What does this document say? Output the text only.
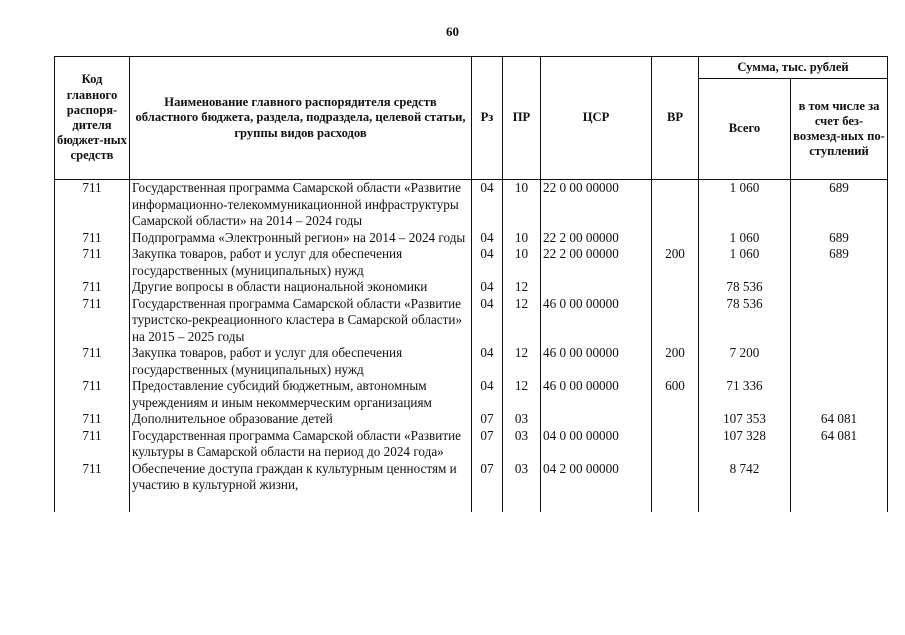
60
Код главного распоря-дителя бюджет-ных средств	Наименование главного распорядителя средств областного бюджета, раздела, подраздела, целевой статьи, группы видов расходов	Рз	ПР	ЦСР	ВР	Сумма, тыс. рублей	
						Всего	в том числе за счет без-возмезд-ных по-ступлений
711	Государственная программа Самарской области «Развитие информационно-телекоммуникационной инфраструктуры Самарской области» на 2014 – 2024 годы	04	10	22 0 00 00000		1 060	689
711	Подпрограмма «Электронный регион» на 2014 – 2024 годы	04	10	22 2 00 00000		1 060	689
711	Закупка товаров, работ и услуг для обеспечения государственных (муниципальных) нужд	04	10	22 2 00 00000	200	1 060	689
711	Другие вопросы в области национальной экономики	04	12			78 536	
711	Государственная программа Самарской области «Развитие туристско-рекреационного кластера в Самарской области» на 2015 – 2025 годы	04	12	46 0 00 00000		78 536	
711	Закупка товаров, работ и услуг для обеспечения государственных (муниципальных) нужд	04	12	46 0 00 00000	200	7 200	
711	Предоставление субсидий бюджетным, автономным учреждениям и иным некоммерческим организациям	04	12	46 0 00 00000	600	71 336	
711	Дополнительное образование детей	07	03			107 353	64 081
711	Государственная программа Самарской области «Развитие культуры в Самарской области на период до 2024 года»	07	03	04 0 00 00000		107 328	64 081
711	Обеспечение доступа граждан к культурным ценностям и участию в культурной жизни,	07	03	04 2 00 00000		8 742	
